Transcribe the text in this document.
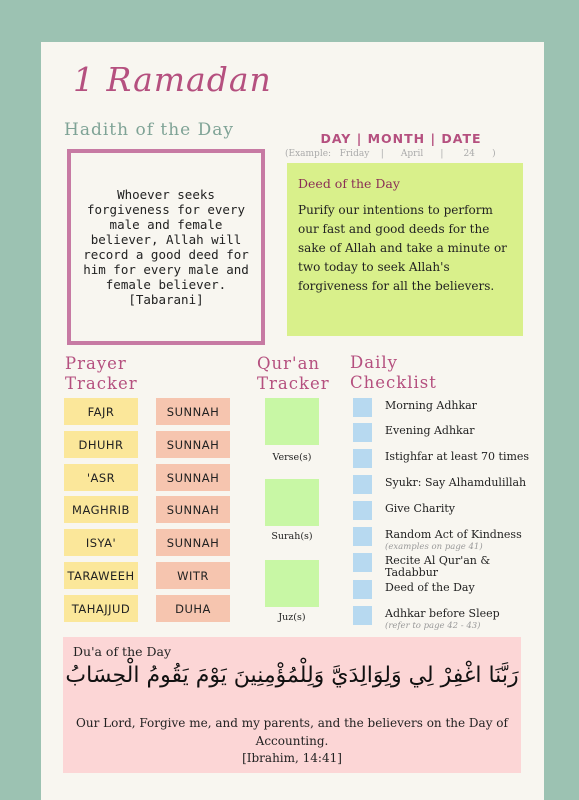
1 Ramadan
Hadith of the Day
Whoever seeks forgiveness for every male and female believer, Allah will record a good deed for him for every male and female believer. [Tabarani]
DAY | MONTH | DATE
(Example:   Friday    |      April      |       24      )
Deed of the Day
Purify our intentions to perform our fast and good deeds for the sake of Allah and take a minute or two today to seek Allah's forgiveness for all the believers.
Prayer
Tracker
FAJR	SUNNAH
DHUHR	SUNNAH
'ASR	SUNNAH
MAGHRIB	SUNNAH
ISYA'	SUNNAH
TARAWEEH	WITR
TAHAJJUD	DUHA
Qur'an
Tracker
Verse(s)
Surah(s)
Juz(s)
Daily
Checklist
Morning Adhkar
Evening Adhkar
Istighfar at least 70 times
Syukr: Say Alhamdulillah
Give Charity
Random Act of Kindness
(examples on page 41)
Recite Al Qur'an & Tadabbur
Deed of the Day
Adhkar before Sleep
(refer to page 42 - 43)
Du'a of the Day
رَبَّنَا اغْفِرْ لِي وَلِوَالِدَيَّ وَلِلْمُؤْمِنِينَ يَوْمَ يَقُومُ الْحِسَابُ
Our Lord, Forgive me, and my parents, and the believers on the Day of Accounting.
[Ibrahim, 14:41]
